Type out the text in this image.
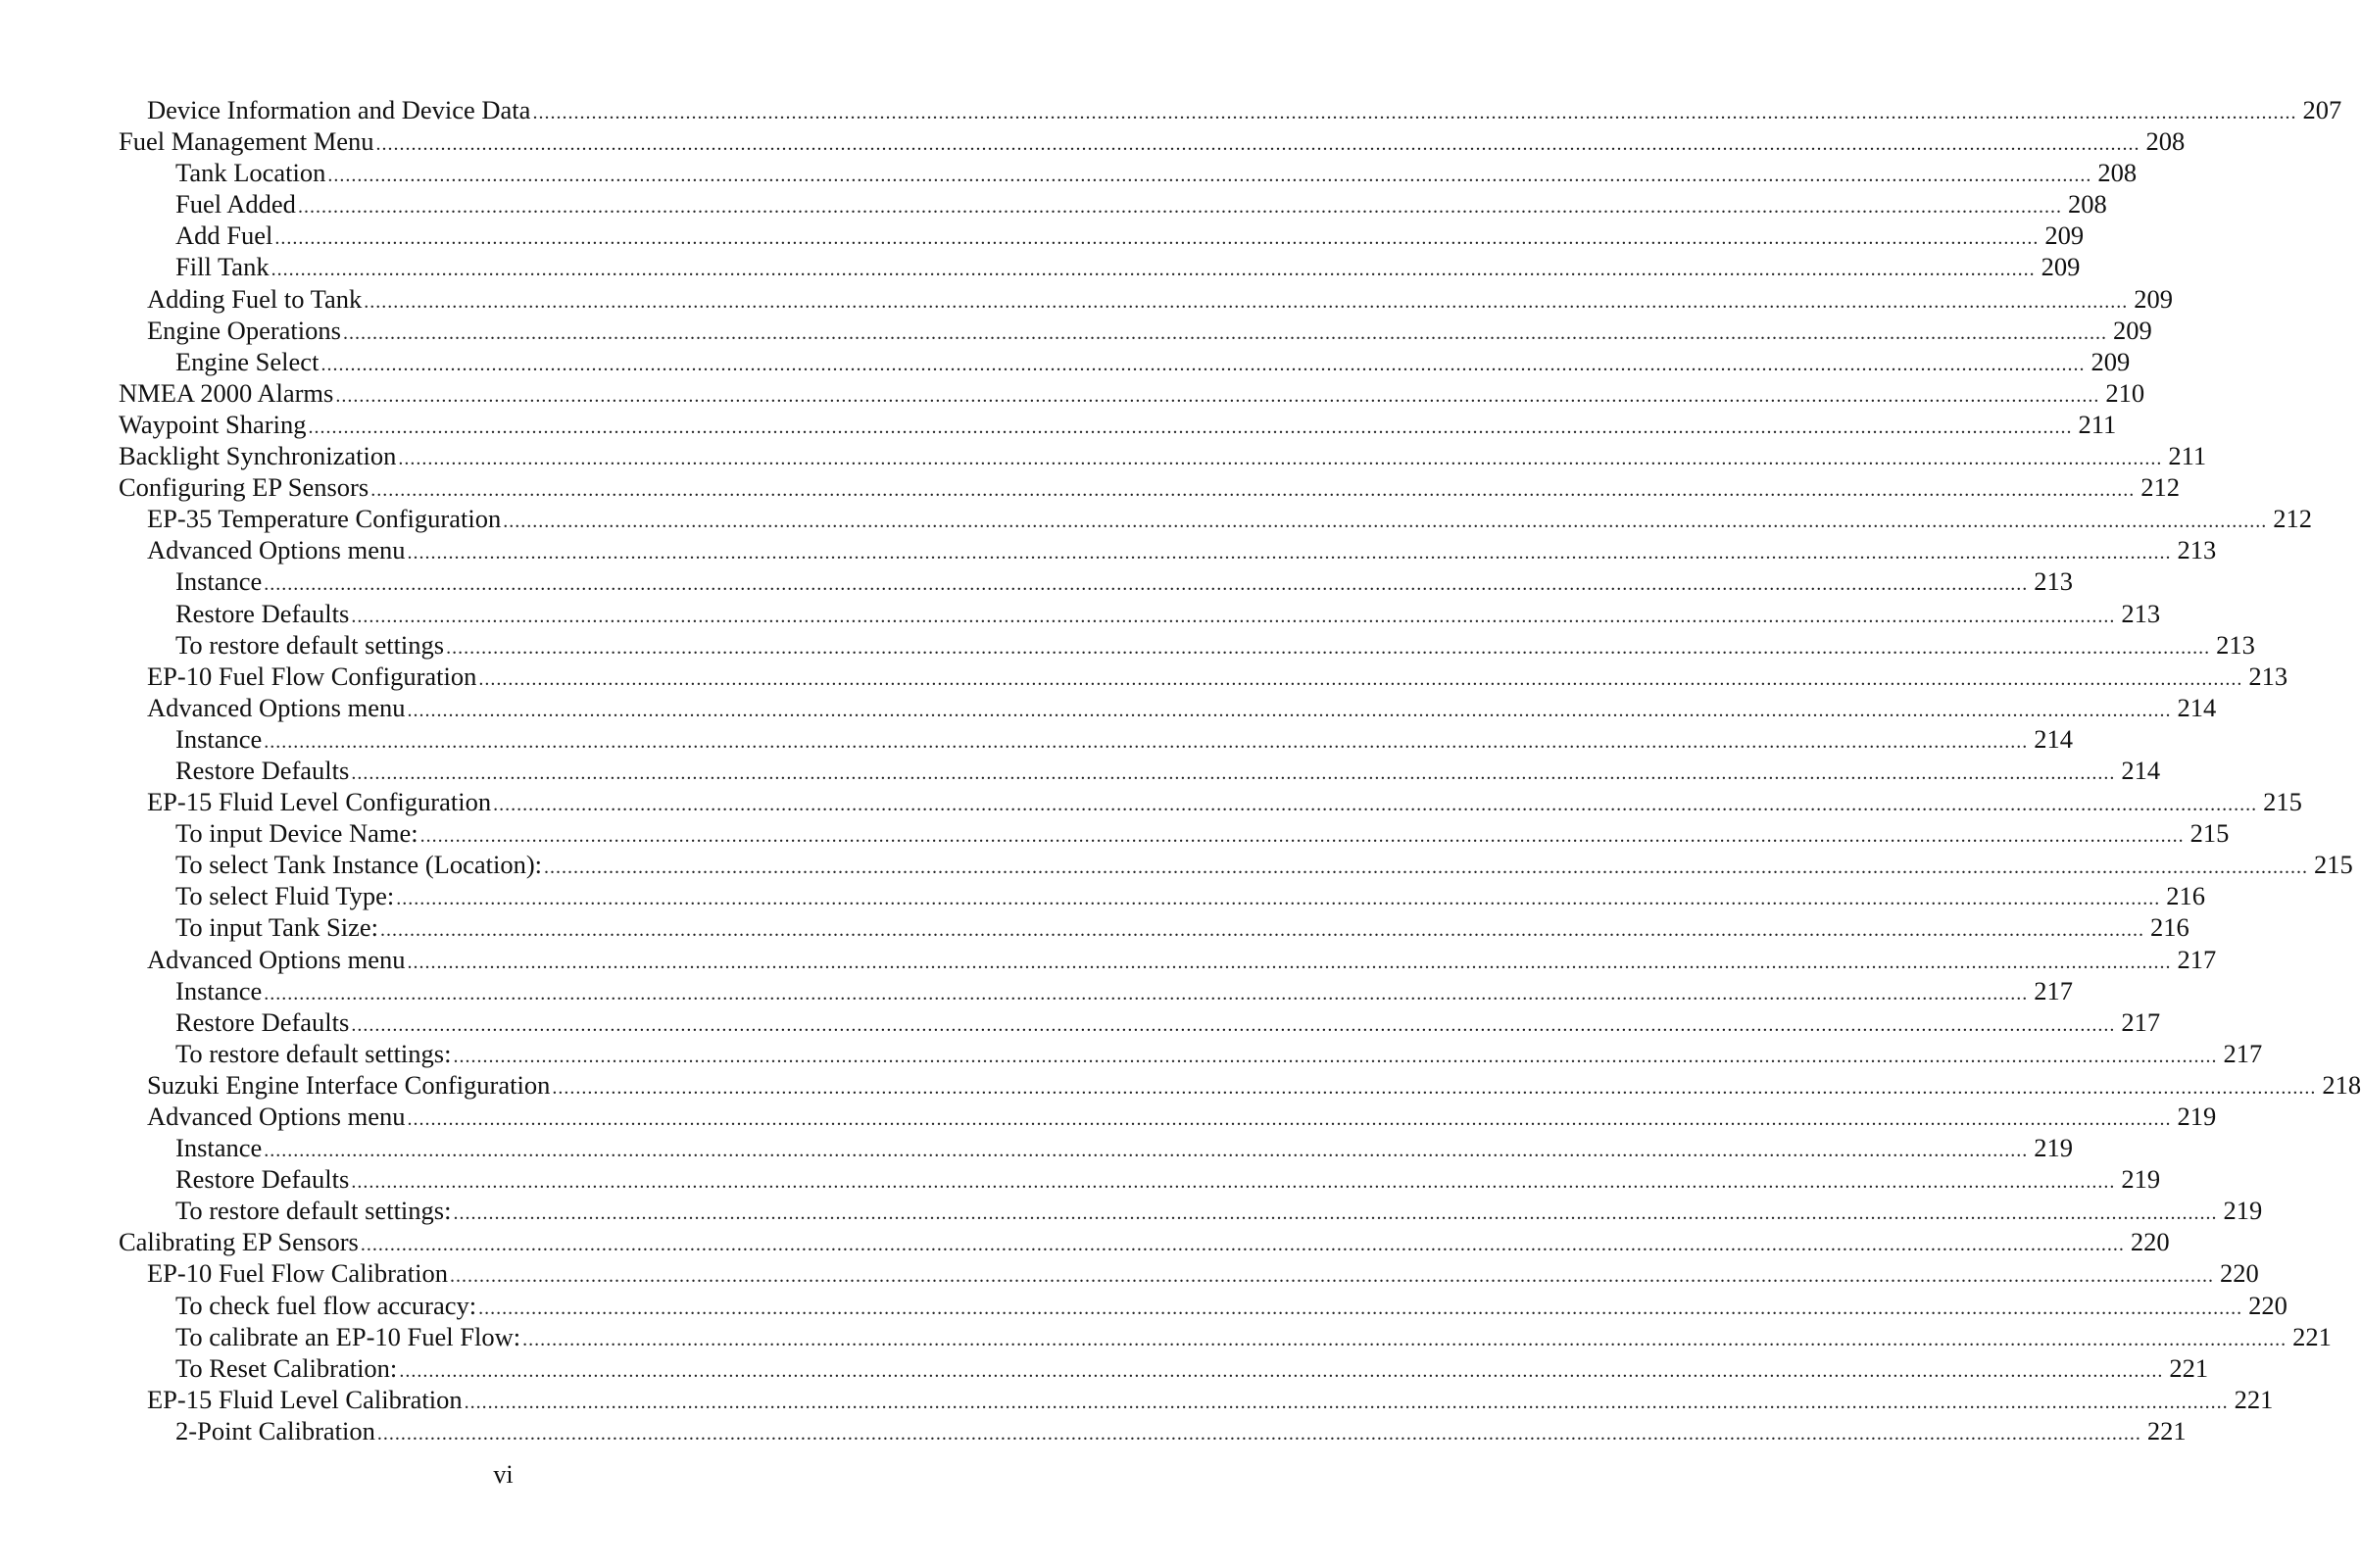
Device Information and Device Data ............................................................................................................................................................................................................................................................................................................ 207
Fuel Management Menu ............................................................................................................................................................................................................................................................................................................ 208
Tank Location ............................................................................................................................................................................................................................................................................................................ 208
Fuel Added ............................................................................................................................................................................................................................................................................................................ 208
Add Fuel ............................................................................................................................................................................................................................................................................................................ 209
Fill Tank ............................................................................................................................................................................................................................................................................................................ 209
Adding Fuel to Tank ............................................................................................................................................................................................................................................................................................................ 209
Engine Operations ............................................................................................................................................................................................................................................................................................................ 209
Engine Select ............................................................................................................................................................................................................................................................................................................ 209
NMEA 2000 Alarms ............................................................................................................................................................................................................................................................................................................ 210
Waypoint Sharing ............................................................................................................................................................................................................................................................................................................ 211
Backlight Synchronization ............................................................................................................................................................................................................................................................................................................ 211
Configuring EP Sensors ............................................................................................................................................................................................................................................................................................................ 212
EP-35 Temperature Configuration ............................................................................................................................................................................................................................................................................................................ 212
Advanced Options menu ............................................................................................................................................................................................................................................................................................................ 213
Instance ............................................................................................................................................................................................................................................................................................................ 213
Restore Defaults ............................................................................................................................................................................................................................................................................................................ 213
To restore default settings ............................................................................................................................................................................................................................................................................................................ 213
EP-10 Fuel Flow Configuration ............................................................................................................................................................................................................................................................................................................ 213
Advanced Options menu ............................................................................................................................................................................................................................................................................................................ 214
Instance ............................................................................................................................................................................................................................................................................................................ 214
Restore Defaults ............................................................................................................................................................................................................................................................................................................ 214
EP-15 Fluid Level Configuration ............................................................................................................................................................................................................................................................................................................ 215
To input Device Name: ............................................................................................................................................................................................................................................................................................................ 215
To select Tank Instance (Location): ............................................................................................................................................................................................................................................................................................................ 215
To select Fluid Type: ............................................................................................................................................................................................................................................................................................................ 216
To input Tank Size: ............................................................................................................................................................................................................................................................................................................ 216
Advanced Options menu ............................................................................................................................................................................................................................................................................................................ 217
Instance ............................................................................................................................................................................................................................................................................................................ 217
Restore Defaults ............................................................................................................................................................................................................................................................................................................ 217
To restore default settings: ............................................................................................................................................................................................................................................................................................................ 217
Suzuki Engine Interface Configuration ............................................................................................................................................................................................................................................................................................................ 218
Advanced Options menu ............................................................................................................................................................................................................................................................................................................ 219
Instance ............................................................................................................................................................................................................................................................................................................ 219
Restore Defaults ............................................................................................................................................................................................................................................................................................................ 219
To restore default settings: ............................................................................................................................................................................................................................................................................................................ 219
Calibrating EP Sensors ............................................................................................................................................................................................................................................................................................................ 220
EP-10 Fuel Flow Calibration ............................................................................................................................................................................................................................................................................................................ 220
To check fuel flow accuracy: ............................................................................................................................................................................................................................................................................................................ 220
To calibrate an EP-10 Fuel Flow: ............................................................................................................................................................................................................................................................................................................ 221
To Reset Calibration: ............................................................................................................................................................................................................................................................................................................ 221
EP-15 Fluid Level Calibration ............................................................................................................................................................................................................................................................................................................ 221
2-Point Calibration ............................................................................................................................................................................................................................................................................................................ 221
vi
